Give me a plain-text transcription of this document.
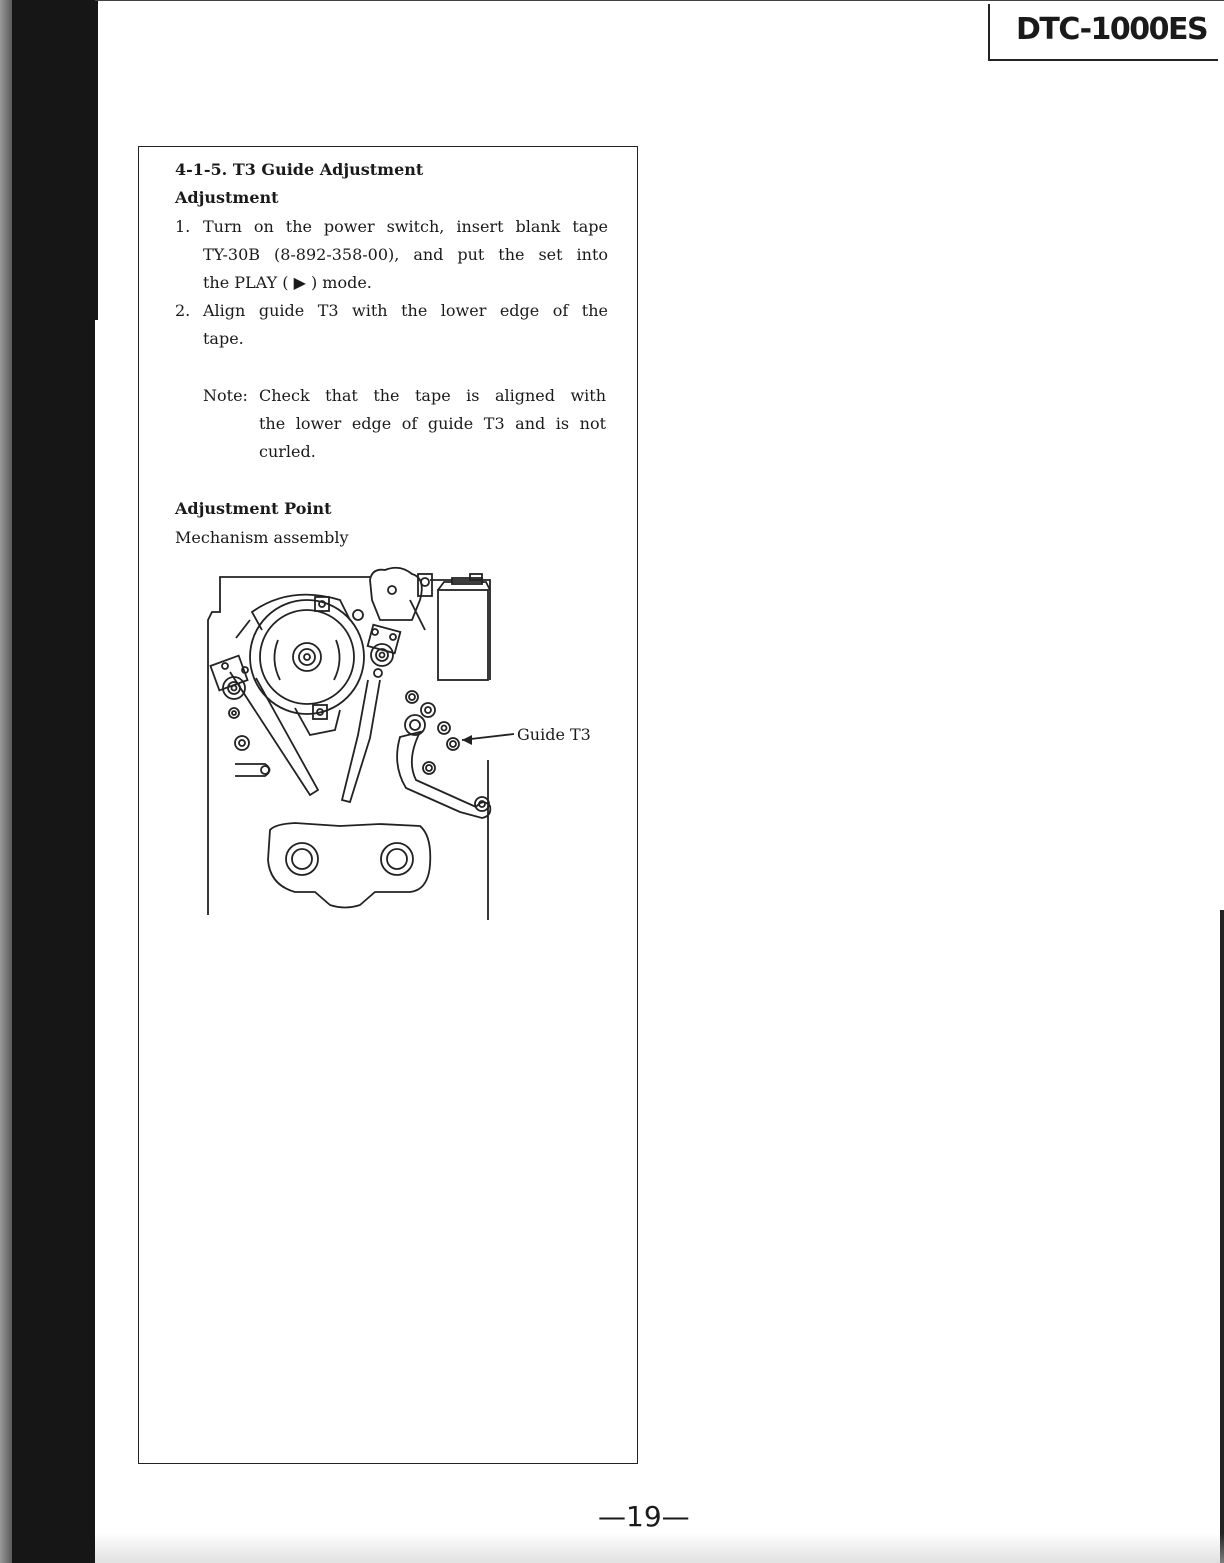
DTC-1000ES
4-1-5. T3 Guide Adjustment
Adjustment
1. Turn on the power switch, insert blank tape
TY-30B (8-892-358-00), and put the set into
the PLAY ( ▶ ) mode.
2. Align guide T3 with the lower edge of the
tape.
Note: Check that the tape is aligned with
the lower edge of guide T3 and is not
curled.
Adjustment Point
Mechanism assembly
Guide T3
—19—
